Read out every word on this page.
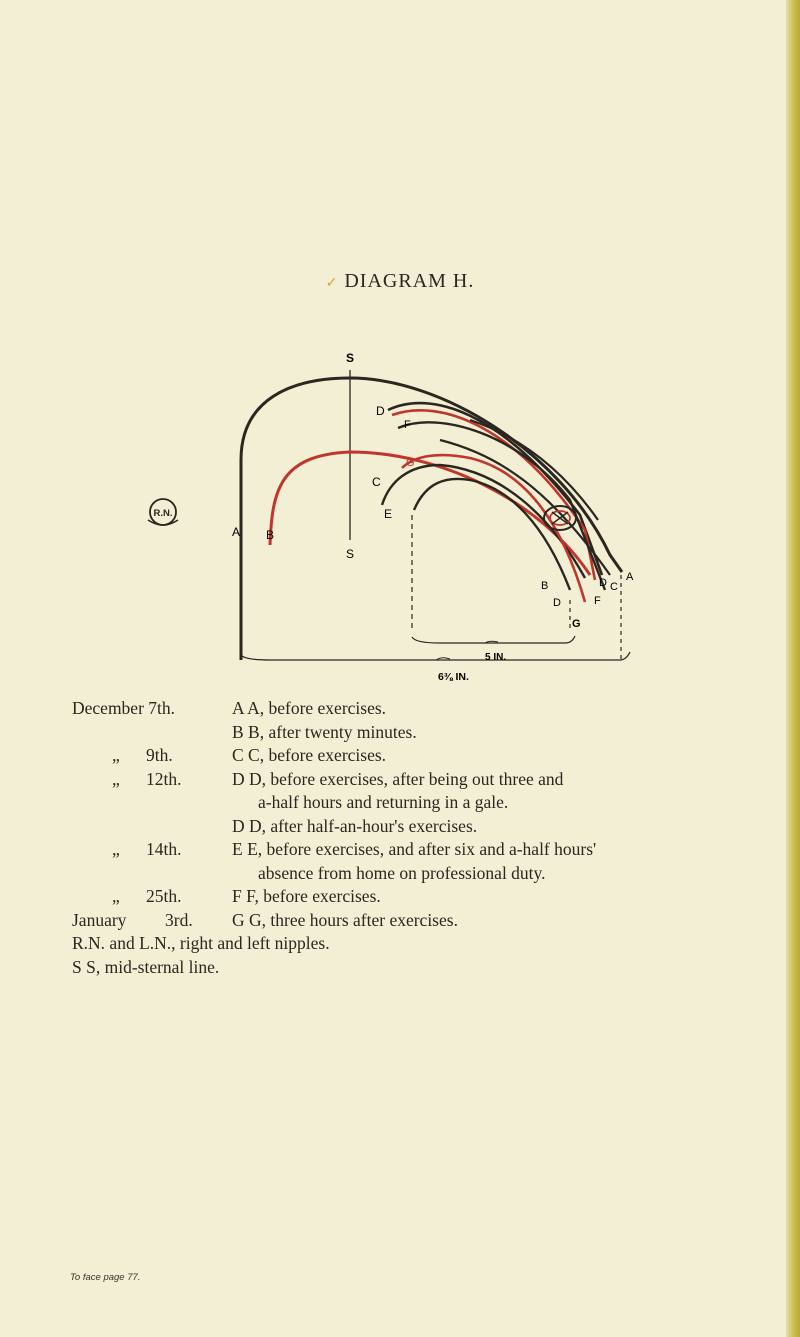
✓ DIAGRAM H.
R.N.
S
S
A B
C
D
E
F
G
B	D C
A
D	F
G
5 IN.
6⅜ IN.
December 7th.	A A, before exercises.
B B, after twenty minutes.
„ 9th.	C C, before exercises.
„ 12th.	D D, before exercises, after being out three and
a-half hours and returning in a gale.
D D, after half-an-hour's exercises.
„ 14th.	E E, before exercises, and after six and a-half hours'
absence from home on professional duty.
„ 25th.	F F, before exercises.
January 3rd. G G, three hours after exercises.
R.N. and L.N., right and left nipples.
S S, mid-sternal line.
To face page 77.
